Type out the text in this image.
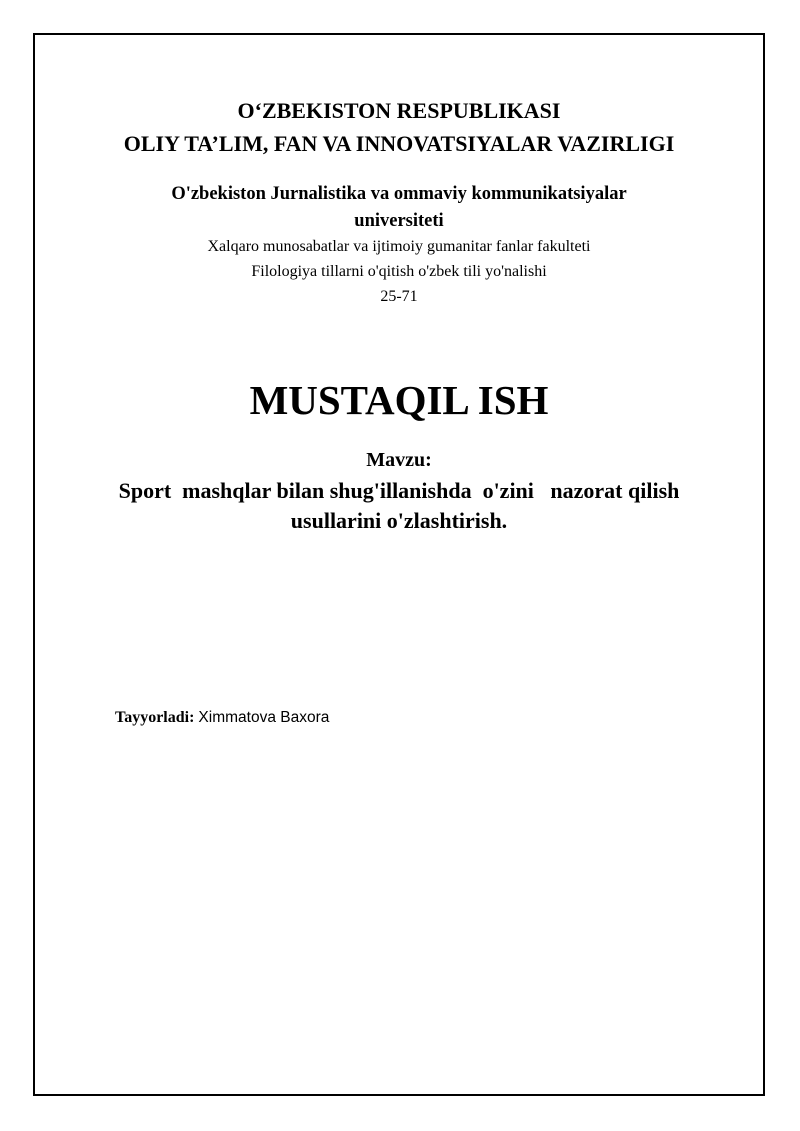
O‘ZBEKISTON RESPUBLIKASI
OLIY TA’LIM, FAN VA INNOVATSIYALAR VAZIRLIGI
O'zbekiston Jurnalistika va ommaviy kommunikatsiyalar
universiteti
Xalqaro munosabatlar va ijtimoiy gumanitar fanlar fakulteti
Filologiya tillarni o'qitish o'zbek tili yo'nalishi
25-71
MUSTAQIL ISH
Mavzu:
Sport  mashqlar bilan shug'illanishda  o'zini   nazorat qilish
usullarini o'zlashtirish.
Tayyorladi: Ximmatova Baxora
